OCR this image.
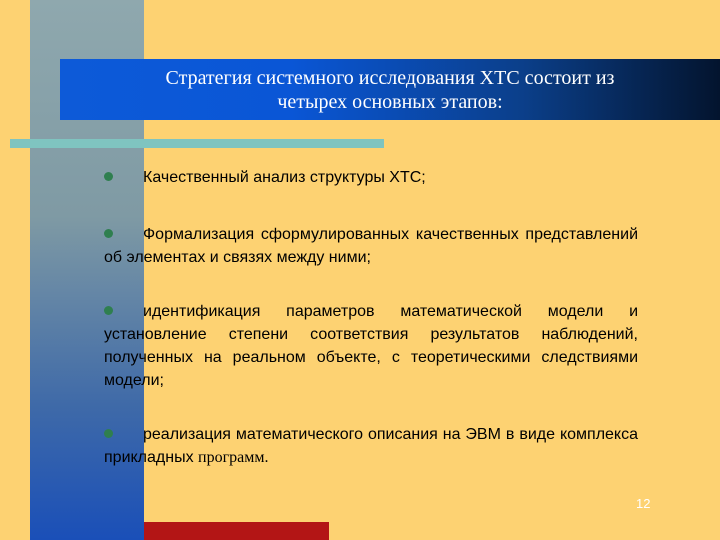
Стратегия системного исследования ХТС состоит из
четырех основных этапов:

Качественный анализ структуры ХТС;

Формализация сформулированных качественных представлений об элементах и связях между ними;

идентификация параметров математической модели и установление степени соответствия результатов наблюдений, полученных на реальном объекте, с теоретическими следствиями модели;

реализация математического описания на ЭВМ в виде комплекса прикладных программ.

12
